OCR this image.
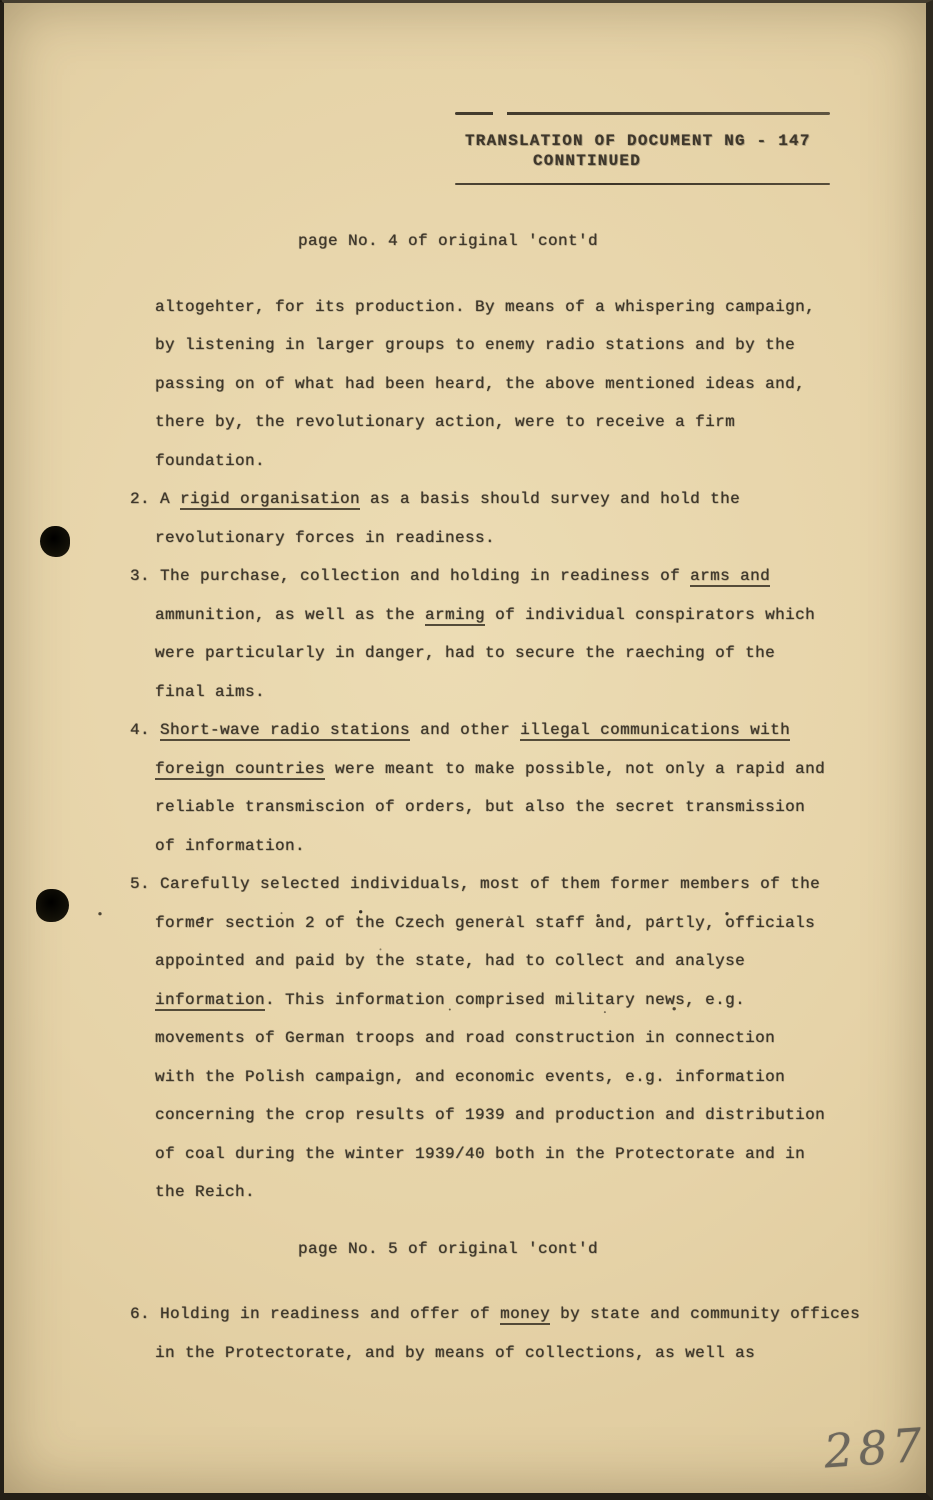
TRANSLATION OF DOCUMENT NG - 147
CONNTINUED
page No. 4 of original 'cont'd
altogehter, for its production. By means of a whispering campaign,
by listening in larger groups to enemy radio stations and by the
passing on of what had been heard, the above mentioned ideas and,
there by, the revolutionary action, were to receive a firm
foundation.
2. A rigid organisation as a basis should survey and hold the
revolutionary forces in readiness.
3. The purchase, collection and holding in readiness of arms and
ammunition, as well as the arming of individual conspirators which
were particularly in danger, had to secure the raeching of the
final aims.
4. Short-wave radio stations and other illegal communications with
foreign countries were meant to make possible, not only a rapid and
reliable transmiscion of orders, but also the secret transmission
of information.
5. Carefully selected individuals, most of them former members of the
former section 2 of the Czech general staff and, partly, officials
appointed and paid by the state, had to collect and analyse
information. This information comprised military news, e.g.
movements of German troops and road construction in connection
with the Polish campaign, and economic events, e.g. information
concerning the crop results of 1939 and production and distribution
of coal during the winter 1939/40 both in the Protectorate and in
the Reich.
page No. 5 of original 'cont'd
6. Holding in readiness and offer of money by state and community offices
in the Protectorate, and by means of collections, as well as
287
